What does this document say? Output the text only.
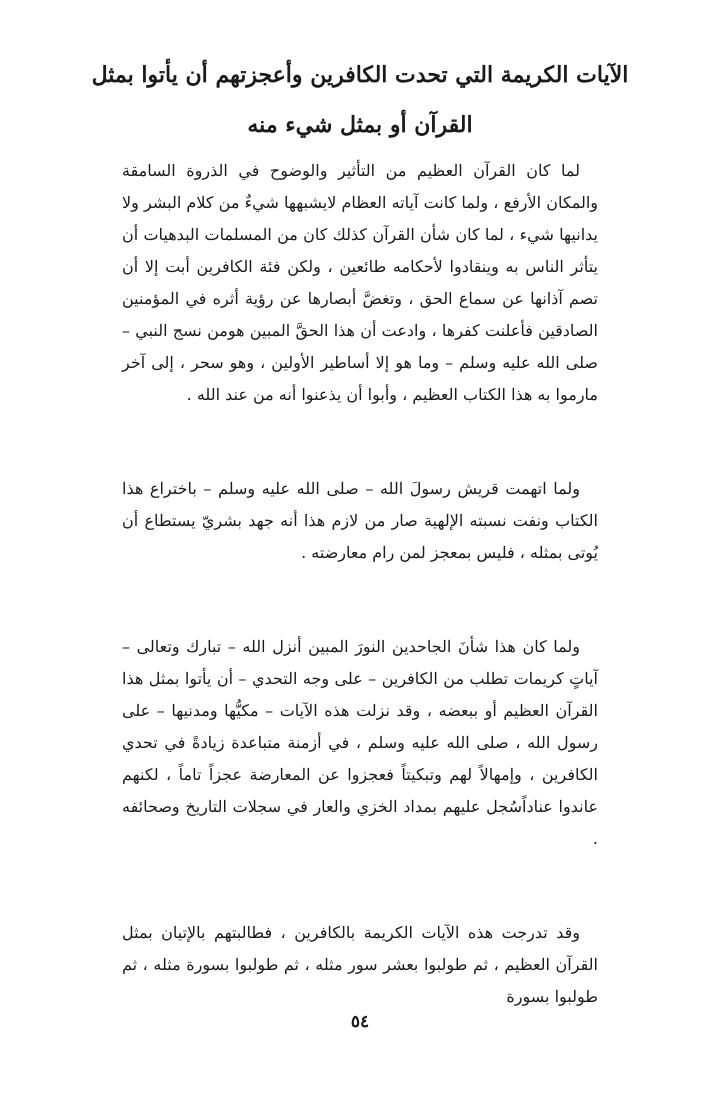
الآيات الكريمة التي تحدت الكافرين وأعجزتهم أن يأتوا بمثل القرآن أو بمثل شيء منه

لما كان القرآن العظيم من التأثير والوضوح في الذروة السامقة والمكان الأرفع ، ولما كانت آياته العظام لايشبهها شيءٌ من كلام البشر ولا يدانيها شيء ، لما كان شأن القرآن كذلك كان من المسلمات البدهيات أن يتأثر الناس به وينقادوا لأحكامه طائعين ، ولكن فئة الكافرين أبت إلا أن تصم آذانها عن سماع الحق ، وتغضَّ أبصارها عن رؤية أثره في المؤمنين الصادقين فأعلنت كفرها ، وادعت أن هذا الحقَّ المبين هومن نسج النبي – صلى الله عليه وسلم – وما هو إلا أساطير الأولين ، وهو سحر ، إلى آخر مارموا به هذا الكتاب العظيم ، وأبوا أن يذعنوا أنه من عند الله .

ولما اتهمت قريش رسولَ الله – صلى الله عليه وسلم – باختراع هذا الكتاب ونفت نسبته الإلهية صار من لازم هذا أنه جهد بشريّ يستطاع أن يُوتى بمثله ، فليس بمعجز لمن رام معارضته .

ولما كان هذا شأنَ الجاحدين النورَ المبين أنزل الله – تبارك وتعالى – آياتٍ كريمات تطلب من الكافرين – على وجه التحدي – أن يأتوا بمثل هذا القرآن العظيم أو ببعضه ، وقد نزلت هذه الآيات – مكيُّها ومدنيها – على رسول الله ، صلى الله عليه وسلم ، في أزمنة متباعدة زيادةً في تحدي الكافرين ، وإمهالاً لهم وتبكيتاً فعجزوا عن المعارضة عجزاً تاماً ، لكنهم عاندوا عناداًسُجل عليهم بمداد الخزي والعار في سجلات التاريخ وصحائفه .

وقد تدرجت هذه الآيات الكريمة بالكافرين ، فطالبتهم بالإتيان بمثل القرآن العظيم ، ثم طولبوا بعشر سور مثله ، ثم طولبوا بسورة مثله ، ثم طولبوا بسورة

٥٤
